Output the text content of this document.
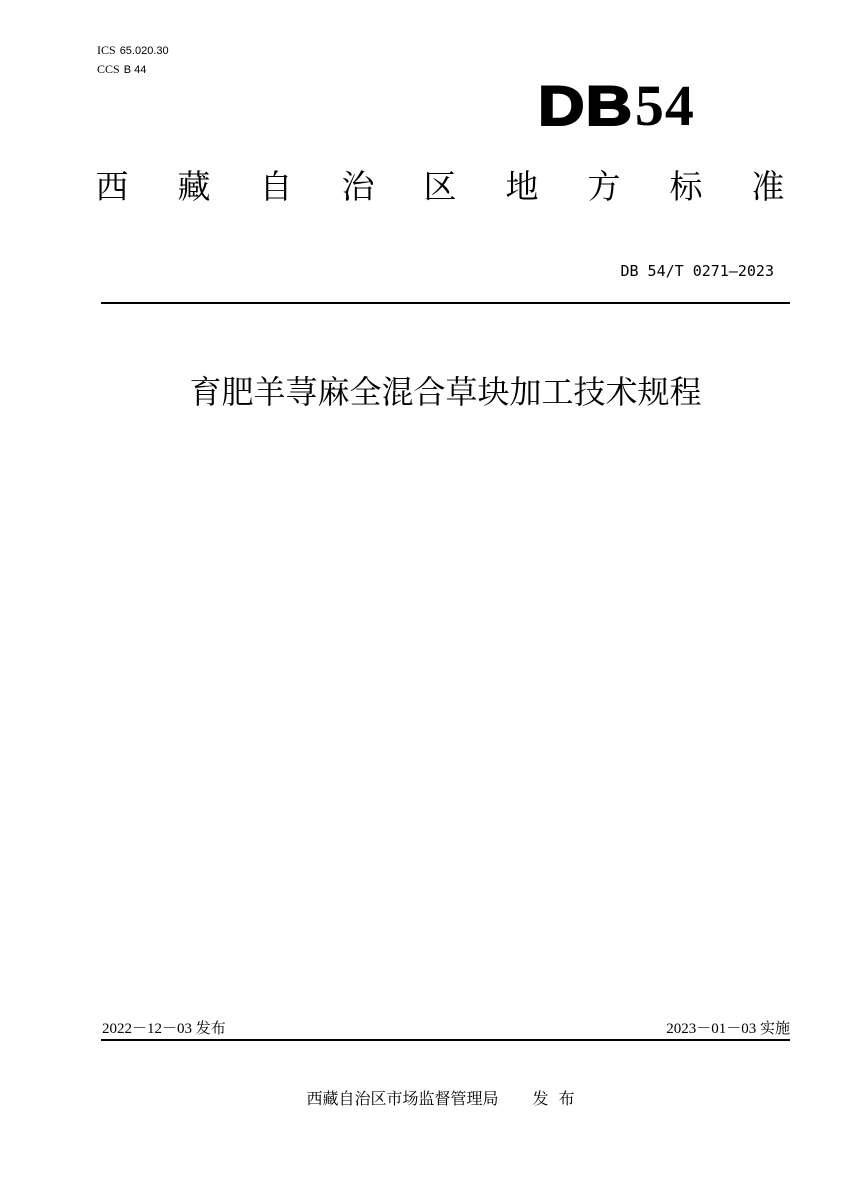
ICS 65.020.30
CCS B 44
DB54
西 藏 自 治 区 地 方 标 准
DB 54/T 0271—2023
育肥羊荨麻全混合草块加工技术规程
2022－12－03 发布	2023－01－03 实施
西藏自治区市场监督管理局 发布
